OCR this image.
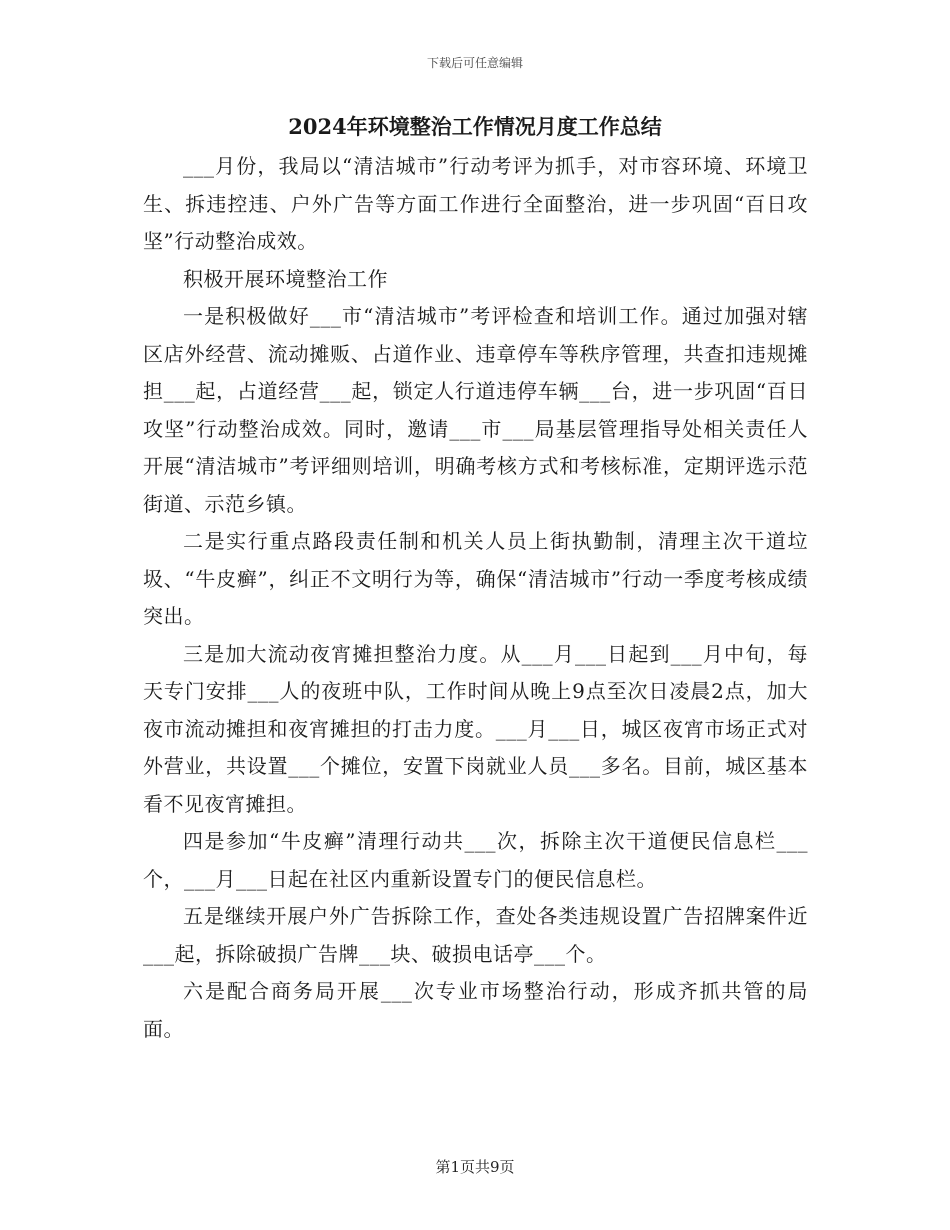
下载后可任意编辑
2024年环境整治工作情况月度工作总结

___月份，我局以“清洁城市”行动考评为抓手，对市容环境、环境卫生、拆违控违、户外广告等方面工作进行全面整治，进一步巩固“百日攻坚”行动整治成效。

积极开展环境整治工作

一是积极做好___市“清洁城市”考评检查和培训工作。通过加强对辖区店外经营、流动摊贩、占道作业、违章停车等秩序管理，共查扣违规摊担___起，占道经营___起，锁定人行道违停车辆___台，进一步巩固“百日攻坚”行动整治成效。同时，邀请___市___局基层管理指导处相关责任人开展“清洁城市”考评细则培训，明确考核方式和考核标准，定期评选示范街道、示范乡镇。

二是实行重点路段责任制和机关人员上街执勤制，清理主次干道垃圾、“牛皮癣”，纠正不文明行为等，确保“清洁城市”行动一季度考核成绩突出。

三是加大流动夜宵摊担整治力度。从___月___日起到___月中旬，每天专门安排___人的夜班中队，工作时间从晚上9点至次日凌晨2点，加大夜市流动摊担和夜宵摊担的打击力度。___月___日，城区夜宵市场正式对外营业，共设置___个摊位，安置下岗就业人员___多名。目前，城区基本看不见夜宵摊担。

四是参加“牛皮癣”清理行动共___次，拆除主次干道便民信息栏___个，___月___日起在社区内重新设置专门的便民信息栏。

五是继续开展户外广告拆除工作，查处各类违规设置广告招牌案件近___起，拆除破损广告牌___块、破损电话亭___个。

六是配合商务局开展___次专业市场整治行动，形成齐抓共管的局面。

第1页共9页
